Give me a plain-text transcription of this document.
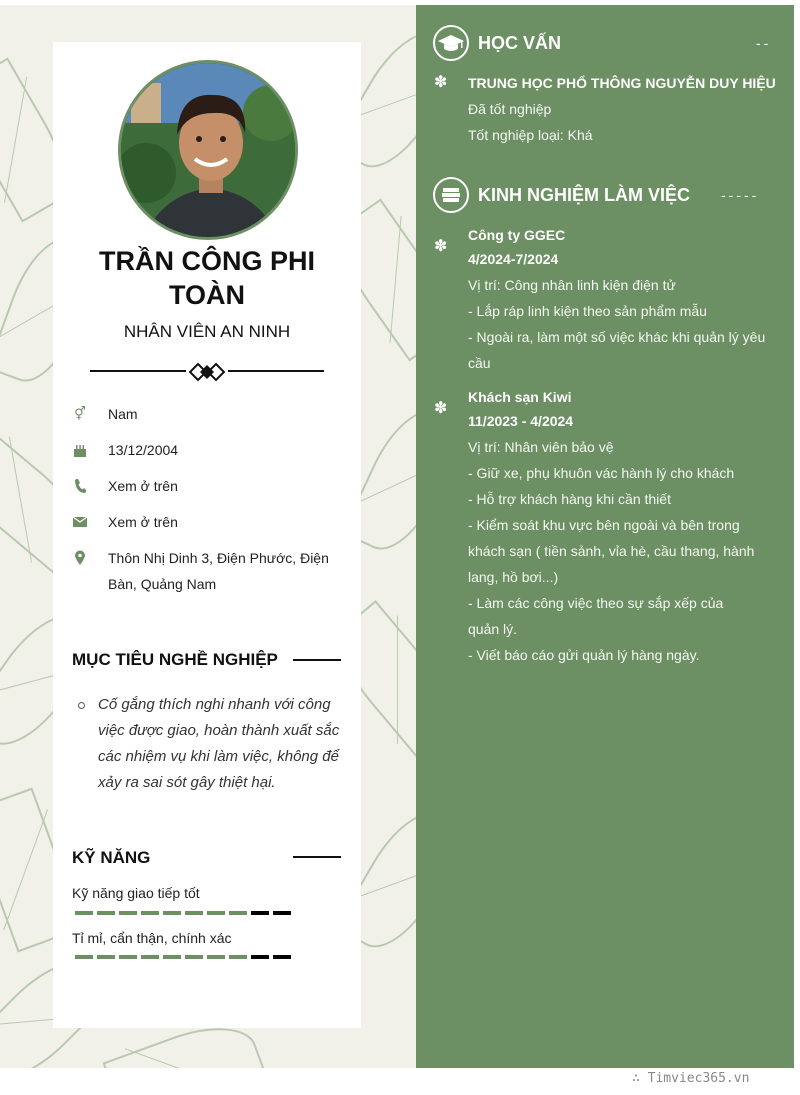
TRẦN CÔNG PHI
TOÀN
NHÂN VIÊN AN NINH
⚥ Nam
13/12/2004
Xem ở trên
Xem ở trên
Thôn Nhị Dinh 3, Điện Phước, Điện Bàn, Quảng Nam
MỤC TIÊU NGHỀ NGHIỆP
Cố gắng thích nghi nhanh với công việc được giao, hoàn thành xuất sắc các nhiệm vụ khi làm việc, không để xảy ra sai sót gây thiệt hại.
KỸ NĂNG
Kỹ năng giao tiếp tốt
Tỉ mỉ, cẩn thận, chính xác
HỌC VẤN	--
✽ TRUNG HỌC PHỔ THÔNG NGUYỄN DUY HIỆU
Đã tốt nghiệp
Tốt nghiệp loại: Khá
KINH NGHIỆM LÀM VIỆC -----
✽
Công ty GGEC
4/2024-7/2024
Vị trí: Công nhân linh kiện điện tử
- Lắp ráp linh kiện theo sản phẩm mẫu
- Ngoài ra, làm một số việc khác khi quản lý yêu cầu
✽
Khách sạn Kiwi
11/2023 - 4/2024
Vị trí: Nhân viên bảo vệ
- Giữ xe, phụ khuôn vác hành lý cho khách
- Hỗ trợ khách hàng khi cần thiết
- Kiểm soát khu vực bên ngoài và bên trong khách sạn ( tiền sảnh, vỉa hè, cầu thang, hành lang, hồ bơi...)
- Làm các công việc theo sự sắp xếp của quản lý.
- Viết báo cáo gửi quản lý hàng ngày.
∴ Timviec365.vn
